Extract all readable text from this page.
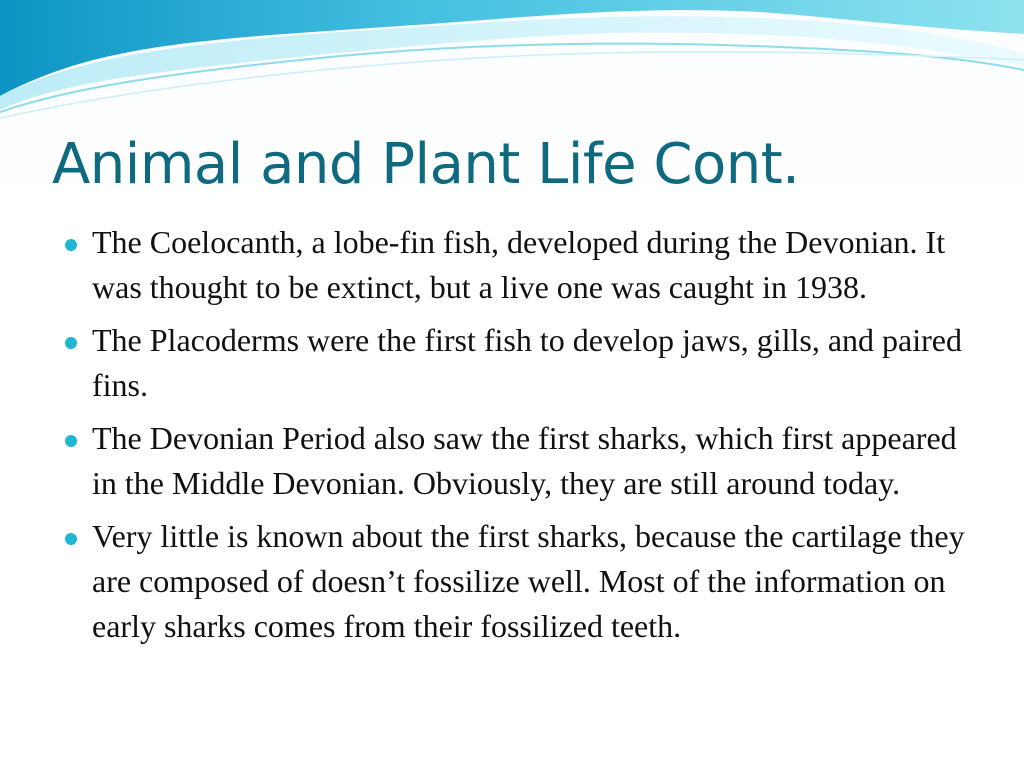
Animal and Plant Life Cont.
The Coelocanth, a lobe-fin fish, developed during the Devonian. It was thought to be extinct, but a live one was caught in 1938.
The Placoderms were the first fish to develop jaws, gills, and paired fins.
The Devonian Period also saw the first sharks, which first appeared in the Middle Devonian. Obviously, they are still around today.
Very little is known about the first sharks, because the cartilage they are composed of doesn’t fossilize well. Most of the information on early sharks comes from their fossilized teeth.
